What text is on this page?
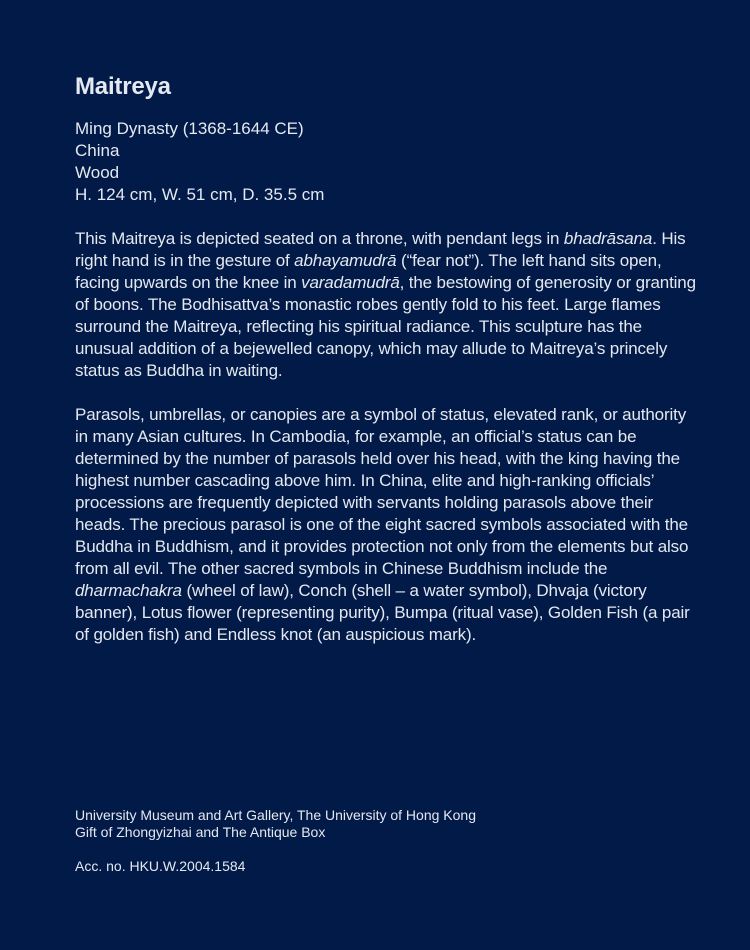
Maitreya
Ming Dynasty (1368-1644 CE)
China
Wood
H. 124 cm, W. 51 cm, D. 35.5 cm

This Maitreya is depicted seated on a throne, with pendant legs in bhadrāsana. His right hand is in the gesture of abhayamudrā (“fear not”). The left hand sits open, facing upwards on the knee in varadamudrā, the bestowing of generosity or granting of boons. The Bodhisattva’s monastic robes gently fold to his feet. Large flames surround the Maitreya, reflecting his spiritual radiance. This sculpture has the unusual addition of a bejewelled canopy, which may allude to Maitreya’s princely status as Buddha in waiting.

Parasols, umbrellas, or canopies are a symbol of status, elevated rank, or authority in many Asian cultures. In Cambodia, for example, an official’s status can be determined by the number of parasols held over his head, with the king having the highest number cascading above him. In China, elite and high-ranking officials’ processions are frequently depicted with servants holding parasols above their heads. The precious parasol is one of the eight sacred symbols associated with the Buddha in Buddhism, and it provides protection not only from the elements but also from all evil. The other sacred symbols in Chinese Buddhism include the dharmachakra (wheel of law), Conch (shell – a water symbol), Dhvaja (victory banner), Lotus flower (representing purity), Bumpa (ritual vase), Golden Fish (a pair of golden fish) and Endless knot (an auspicious mark).

University Museum and Art Gallery, The University of Hong Kong
Gift of Zhongyizhai and The Antique Box
Acc. no. HKU.W.2004.1584
